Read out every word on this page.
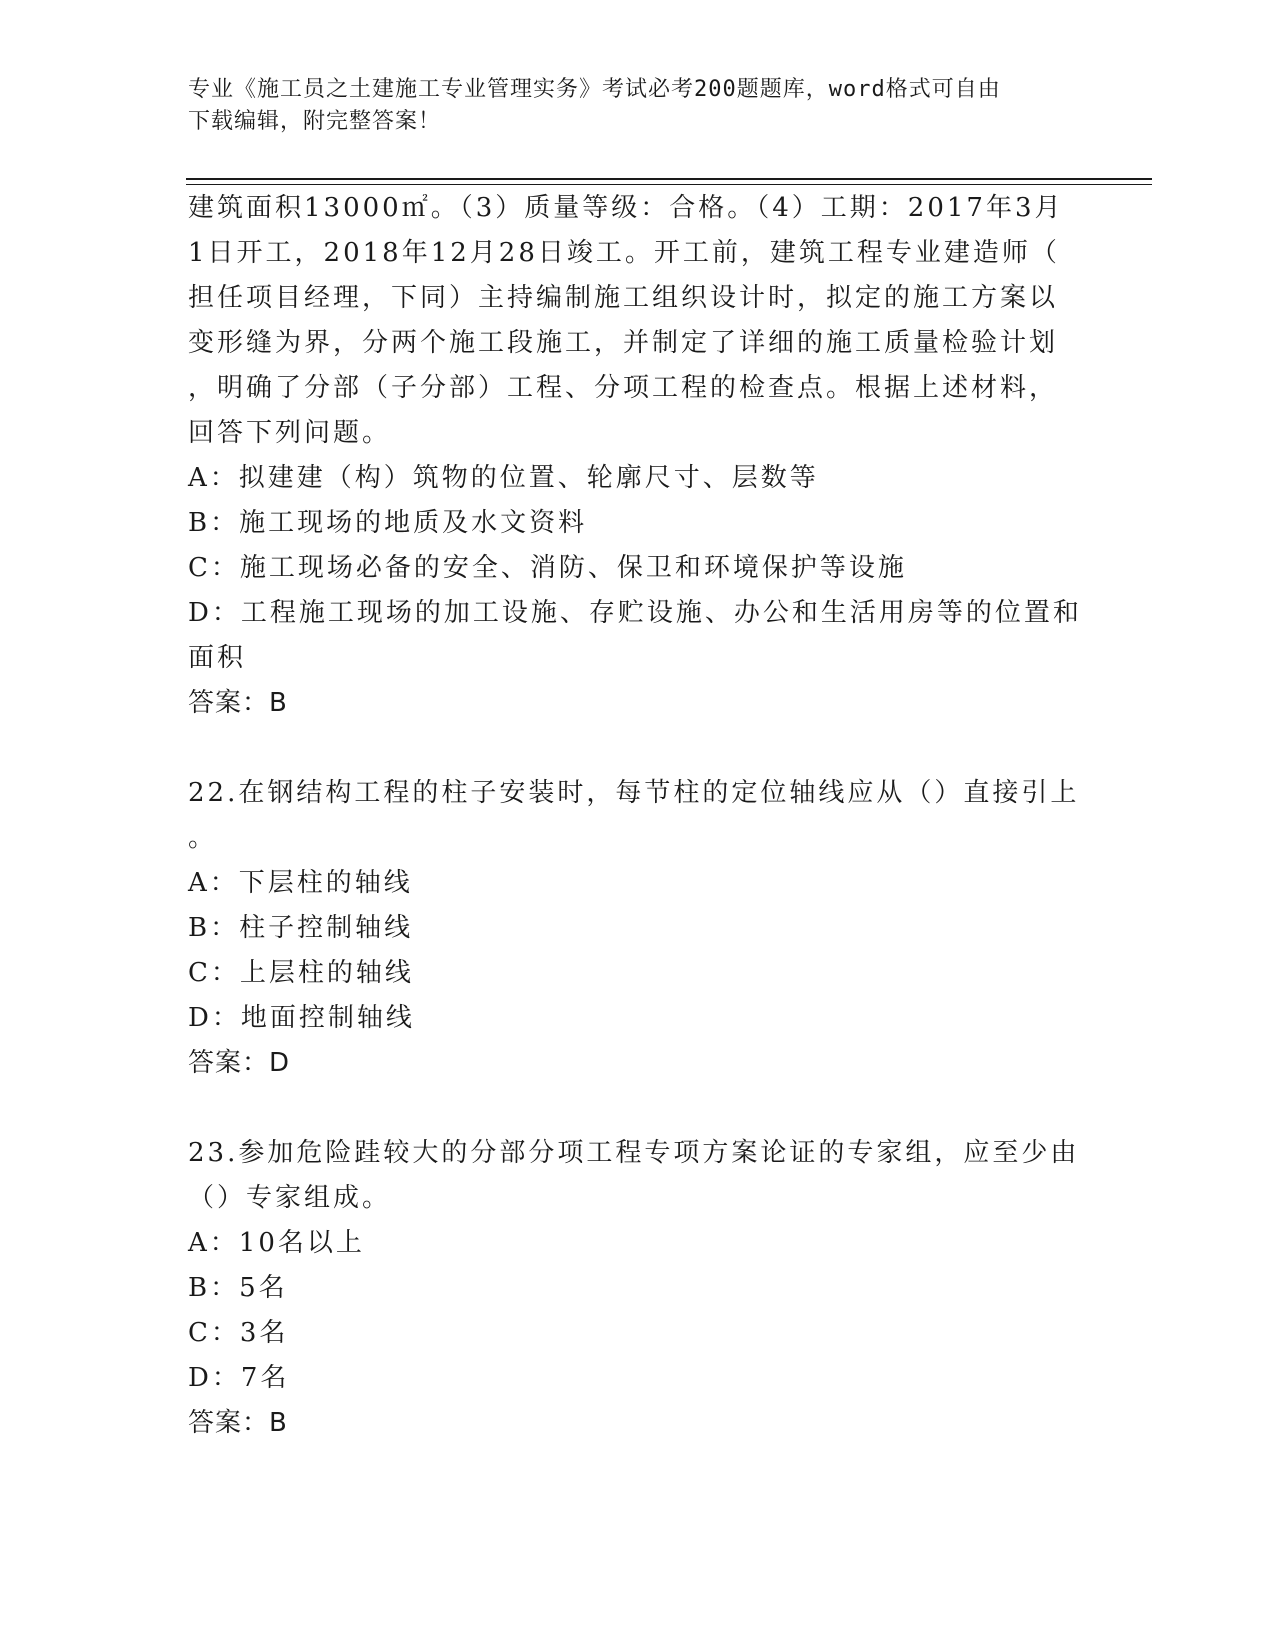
专业《施工员之土建施工专业管理实务》考试必考200题题库，word格式可自由
下载编辑，附完整答案！

建筑面积13000㎡。（3）质量等级：合格。（4）工期：2017年3月

1日开工，2018年12月28日竣工。开工前，建筑工程专业建造师（

担任项目经理，下同）主持编制施工组织设计时，拟定的施工方案以

变形缝为界，分两个施工段施工，并制定了详细的施工质量检验计划

，明确了分部（子分部）工程、分项工程的检查点。根据上述材料，

回答下列问题。

A：拟建建（构）筑物的位置、轮廓尺寸、层数等

B：施工现场的地质及水文资料

C：施工现场必备的安全、消防、保卫和环境保护等设施

D：工程施工现场的加工设施、存贮设施、办公和生活用房等的位置和

面积

答案：B

22.在钢结构工程的柱子安装时，每节柱的定位轴线应从（）直接引上

。

A：下层柱的轴线

B：柱子控制轴线

C：上层柱的轴线

D：地面控制轴线

答案：D

23.参加危险跬较大的分部分项工程专项方案论证的专家组，应至少由

（）专家组成。

A：10名以上

B：5名

C：3名

D：7名

答案：B
